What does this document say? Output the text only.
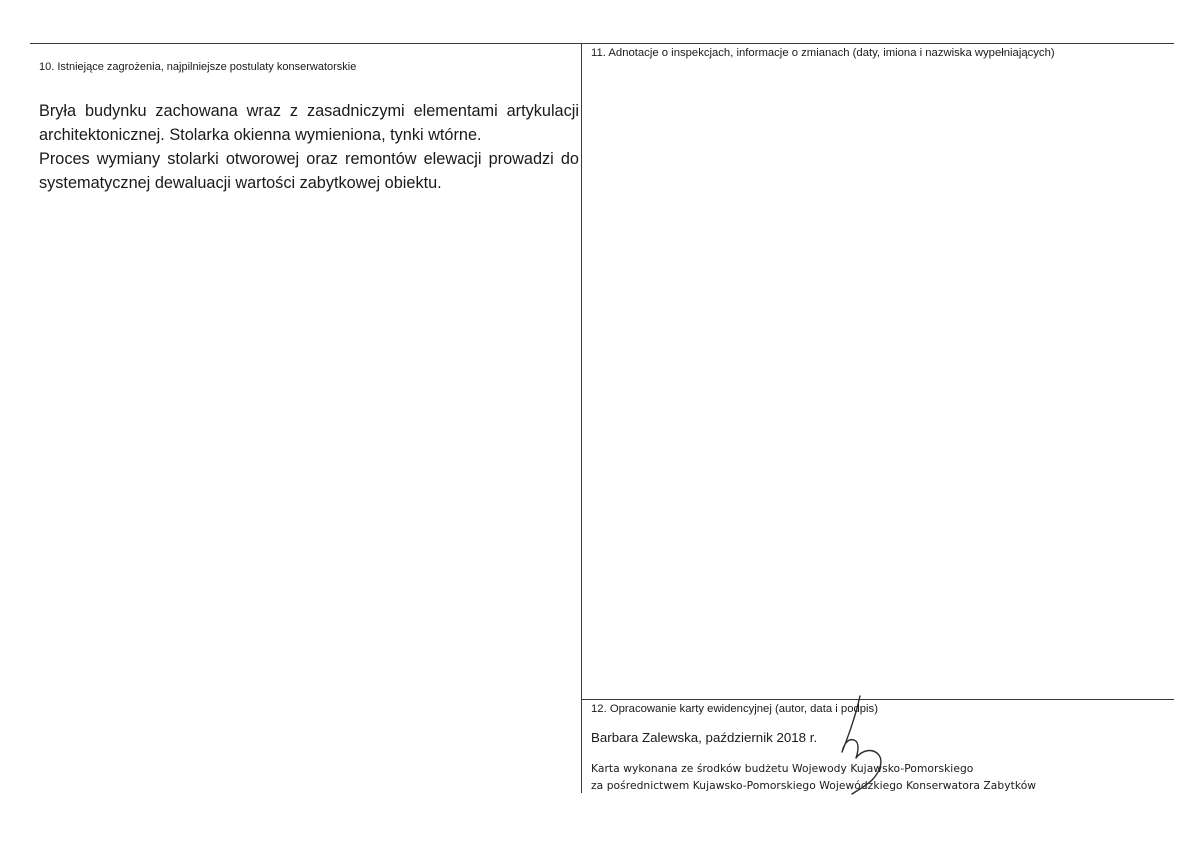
10. Istniejące zagrożenia, najpilniejsze postulaty konserwatorskie

Bryła budynku zachowana wraz z zasadniczymi elementami artykulacji architektonicznej. Stolarka okienna wymieniona, tynki wtórne.

Proces wymiany stolarki otworowej oraz remontów elewacji prowadzi do systematycznej dewaluacji wartości zabytkowej obiektu.

11. Adnotacje o inspekcjach, informacje o zmianach (daty, imiona i nazwiska wypełniających)
12. Opracowanie karty ewidencyjnej (autor, data i podpis)
Barbara Zalewska, październik 2018 r.
Karta wykonana ze środków budżetu Wojewody Kujawsko-Pomorskiego
za pośrednictwem Kujawsko-Pomorskiego Wojewódzkiego Konserwatora Zabytków
